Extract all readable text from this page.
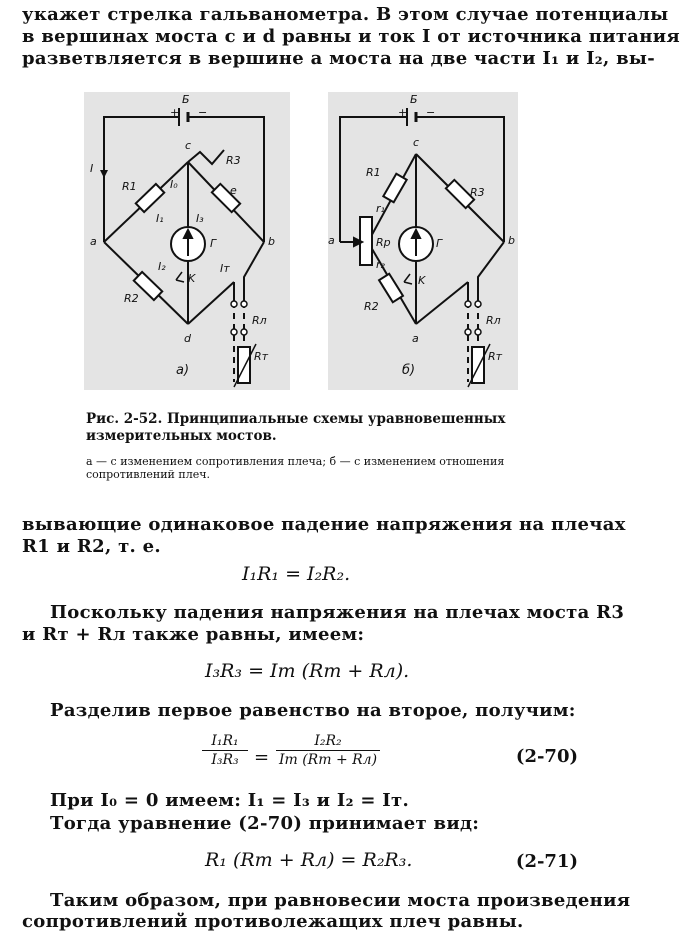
укажет стрелка гальванометра. В этом случае потенциалы
в вершинах моста c и d равны и ток I от источника питания
разветвляется в вершине a моста на две части I₁ и I₂, вы-
Б
+ −
c
a	b
d
R1
R2
R3
I₀
I₁	I₃
I₂	Iт
I
Г
K
Rл
Rт
e
а)
Б
+ −
c
a	b
a
R1
R2
R3
r₁
Rр
r₂
Г
K
Rл
Rт
б)
Рис. 2-52. Принципиальные схемы уравновешенных измерительных мостов.
а — с изменением сопротивления плеча; б — с изменением отношения сопротивлений плеч.
вывающие одинаковое падение напряжения на плечах
R1 и R2, т. е.
I₁R₁ = I₂R₂.
Поскольку падения напряжения на плечах моста R3
и Rт + Rл также равны, имеем:
I₃R₃ = Iт (Rт + Rл).
Разделив первое равенство на второе, получим:
I₁R₁
I₃R₃ =
I₂R₂
Iт (Rт + Rл)	(2-70)
При I₀ = 0 имеем: I₁ = I₃ и I₂ = Iт.
Тогда уравнение (2-70) принимает вид:
R₁ (Rт + Rл) = R₂R₃.	(2-71)
Таким образом, при равновесии моста произведения
сопротивлений противолежащих плеч равны.
